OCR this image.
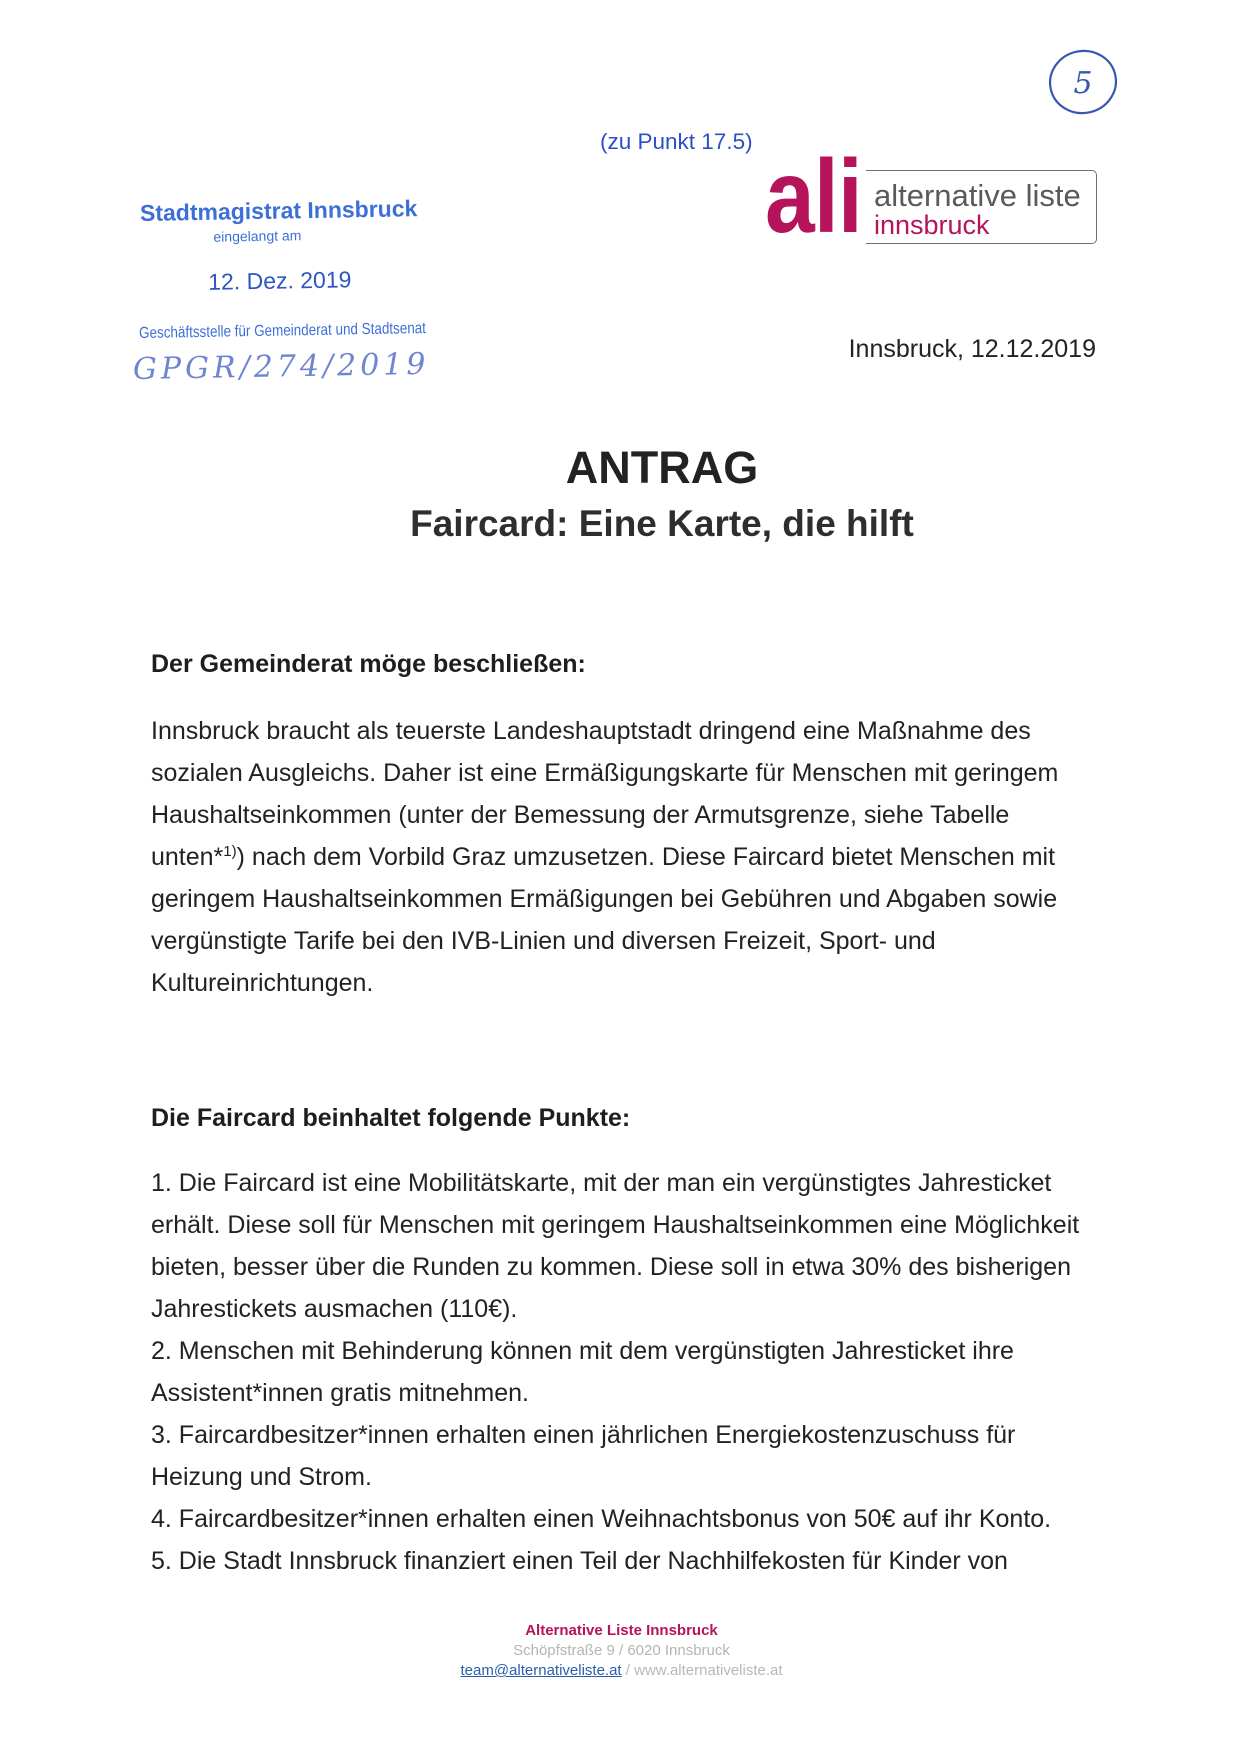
5
(zu Punkt 17.5) ali alternative liste
innsbruck
Stadtmagistrat Innsbruck
eingelangt am
12. Dez. 2019
Geschäftsstelle für Gemeinderat und Stadtsenat
GPGR/274/2019	Innsbruck, 12.12.2019
ANTRAG
Faircard: Eine Karte, die hilft
Der Gemeinderat möge beschließen:
Innsbruck braucht als teuerste Landeshauptstadt dringend eine Maßnahme des
sozialen Ausgleichs. Daher ist eine Ermäßigungskarte für Menschen mit geringem
Haushaltseinkommen (unter der Bemessung der Armutsgrenze, siehe Tabelle
unten*$^{1)}$) nach dem Vorbild Graz umzusetzen. Diese Faircard bietet Menschen mit
geringem Haushaltseinkommen Ermäßigungen bei Gebühren und Abgaben sowie
vergünstigte Tarife bei den IVB-Linien und diversen Freizeit, Sport- und
Kultureinrichtungen.
Die Faircard beinhaltet folgende Punkte:
1. Die Faircard ist eine Mobilitätskarte, mit der man ein vergünstigtes Jahresticket
erhält. Diese soll für Menschen mit geringem Haushaltseinkommen eine Möglichkeit
bieten, besser über die Runden zu kommen. Diese soll in etwa 30% des bisherigen
Jahrestickets ausmachen (110€).
2. Menschen mit Behinderung können mit dem vergünstigten Jahresticket ihre
Assistent*innen gratis mitnehmen.
3. Faircardbesitzer*innen erhalten einen jährlichen Energiekostenzuschuss für
Heizung und Strom.
4. Faircardbesitzer*innen erhalten einen Weihnachtsbonus von 50€ auf ihr Konto.
5. Die Stadt Innsbruck finanziert einen Teil der Nachhilfekosten für Kinder von
Alternative Liste Innsbruck
Schöpfstraße 9 / 6020 Innsbruck
team@alternativeliste.at / www.alternativeliste.at
